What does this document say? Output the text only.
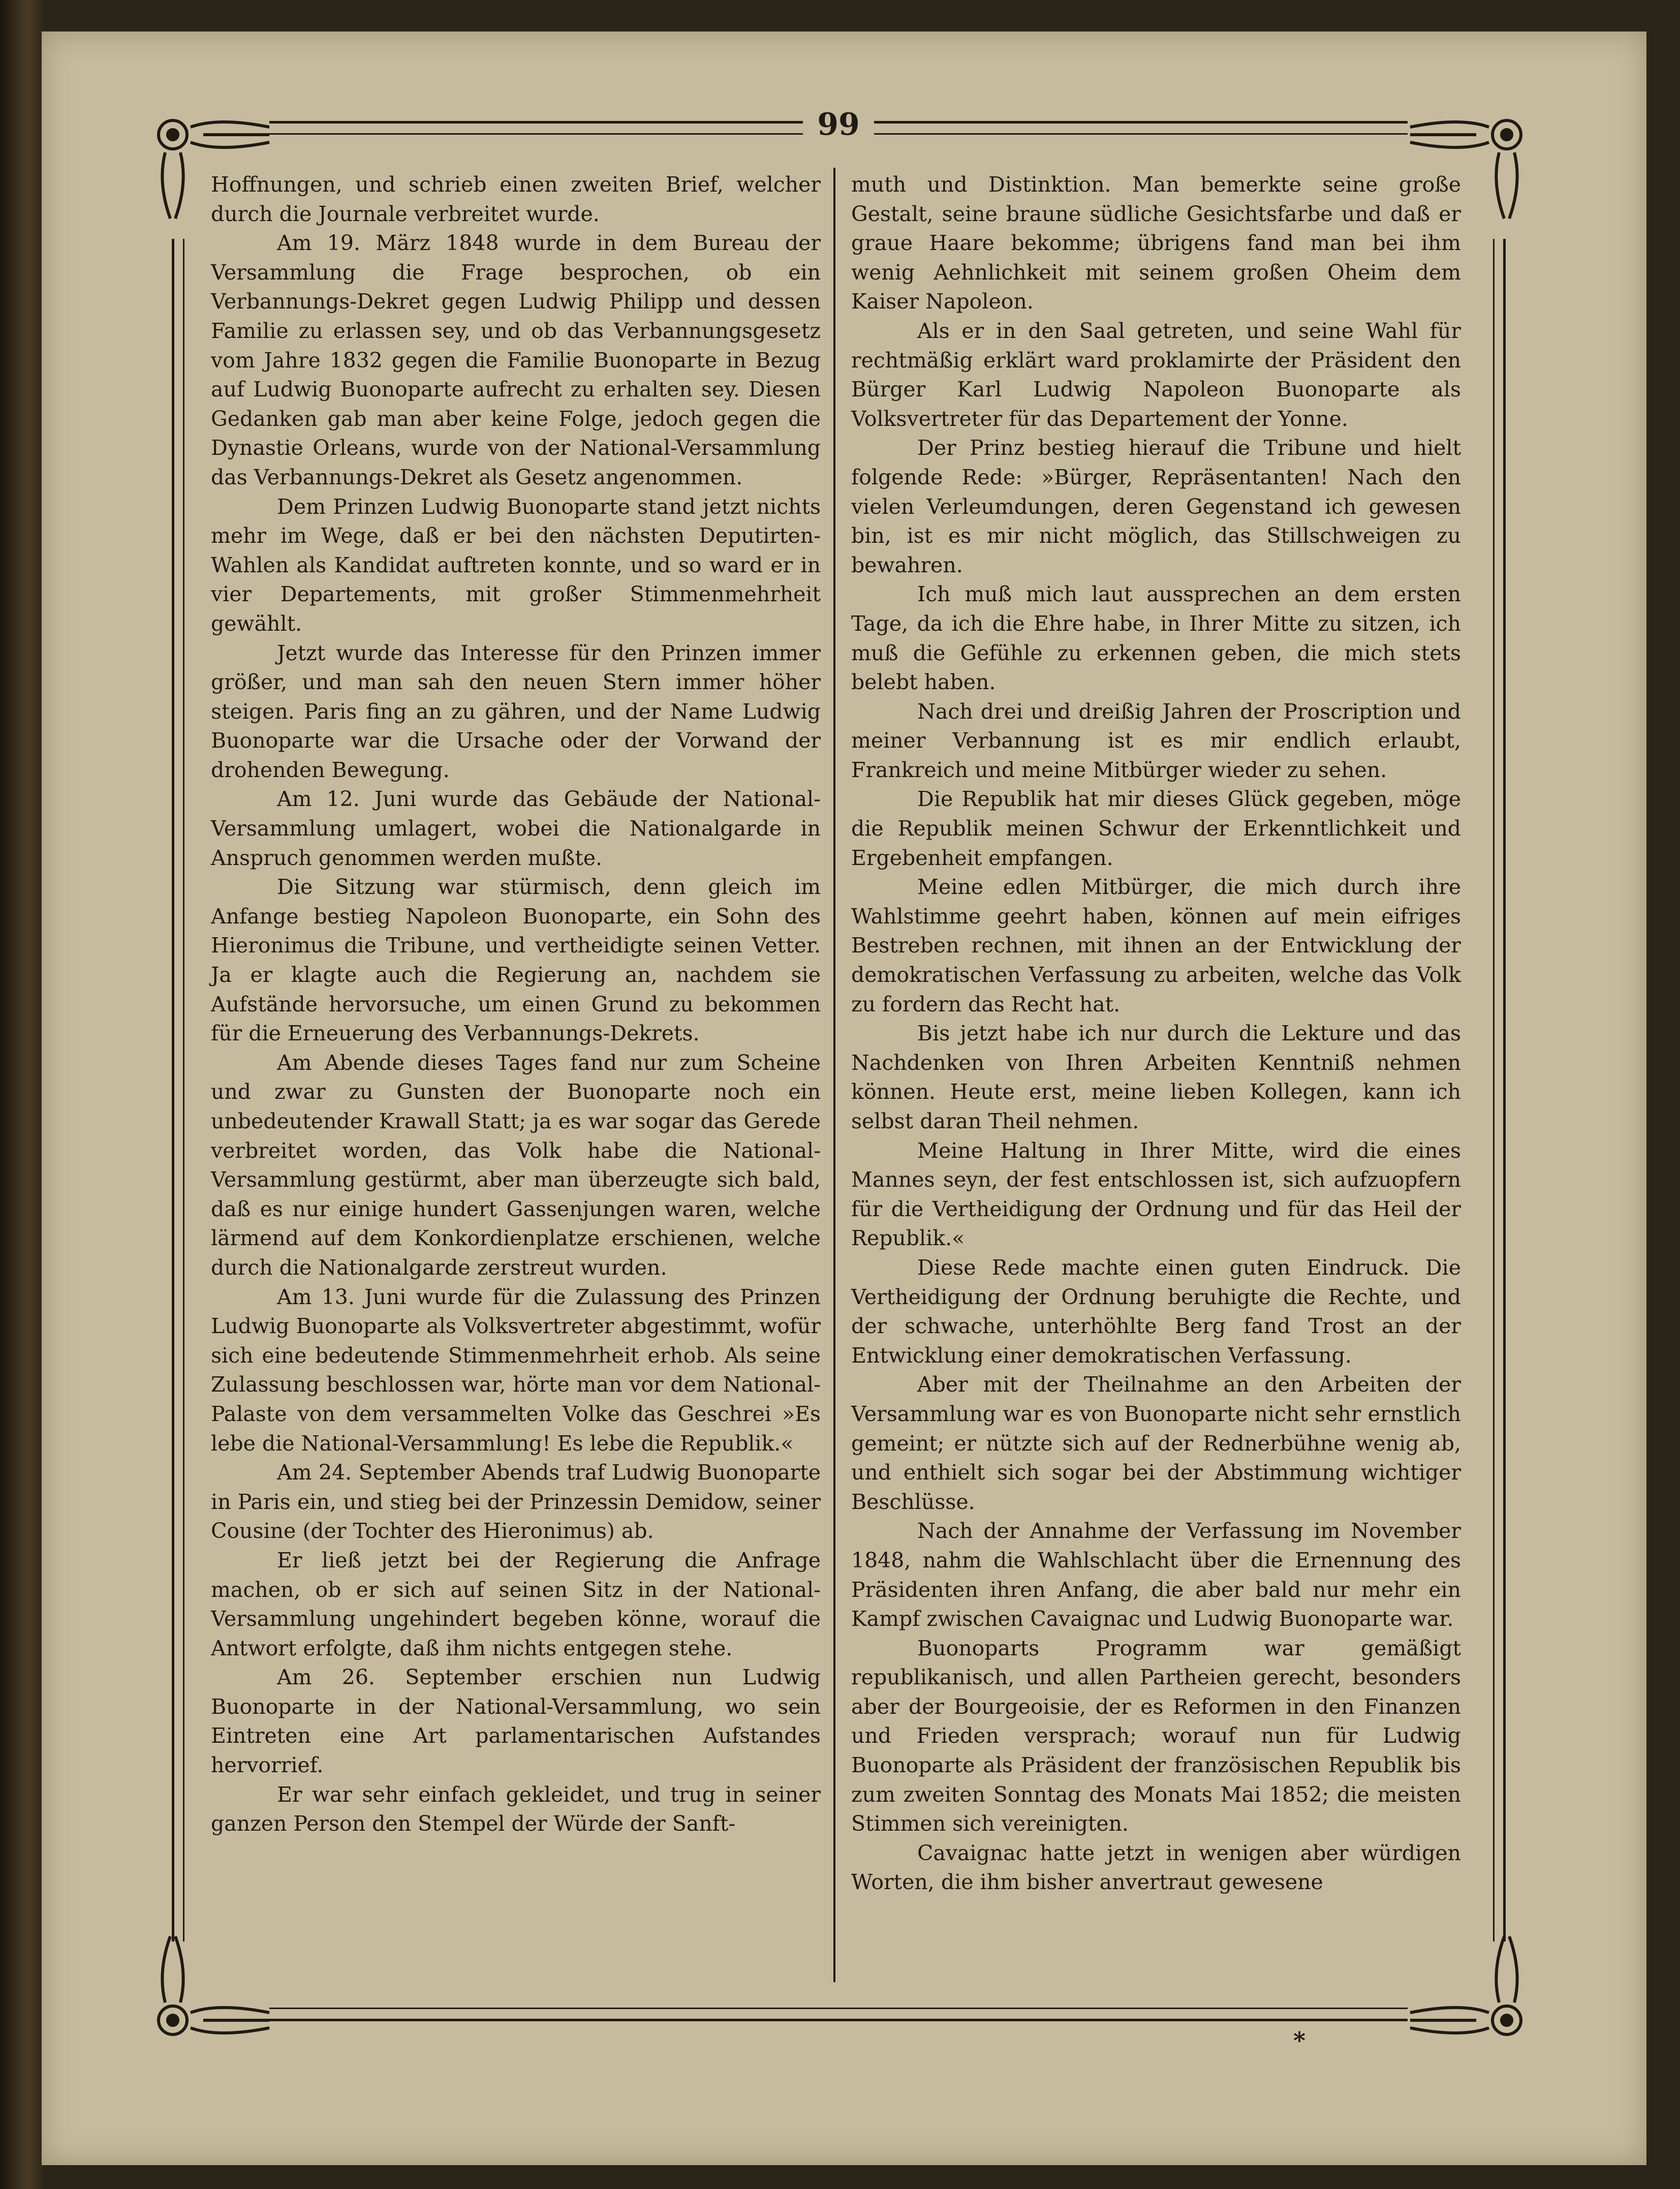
99

Hoffnungen, und schrieb einen zweiten Brief, welcher durch die Journale verbreitet wurde.

Am 19. März 1848 wurde in dem Bureau der Versammlung die Frage besprochen, ob ein Verbannungs-Dekret gegen Ludwig Philipp und dessen Familie zu erlassen sey, und ob das Verbannungsgesetz vom Jahre 1832 gegen die Familie Buonoparte in Bezug auf Ludwig Buonoparte aufrecht zu erhalten sey. Diesen Gedanken gab man aber keine Folge, jedoch gegen die Dynastie Orleans, wurde von der National-Versammlung das Verbannungs-Dekret als Gesetz angenommen.

Dem Prinzen Ludwig Buonoparte stand jetzt nichts mehr im Wege, daß er bei den nächsten Deputirten-Wahlen als Kandidat auftreten konnte, und so ward er in vier Departements, mit großer Stimmenmehrheit gewählt.

Jetzt wurde das Interesse für den Prinzen immer größer, und man sah den neuen Stern immer höher steigen. Paris fing an zu gähren, und der Name Ludwig Buonoparte war die Ursache oder der Vorwand der drohenden Bewegung.

Am 12. Juni wurde das Gebäude der National-Versammlung umlagert, wobei die Nationalgarde in Anspruch genommen werden mußte.

Die Sitzung war stürmisch, denn gleich im Anfange bestieg Napoleon Buonoparte, ein Sohn des Hieronimus die Tribune, und vertheidigte seinen Vetter. Ja er klagte auch die Regierung an, nachdem sie Aufstände hervorsuche, um einen Grund zu bekommen für die Erneuerung des Verbannungs-Dekrets.

Am Abende dieses Tages fand nur zum Scheine und zwar zu Gunsten der Buonoparte noch ein unbedeutender Krawall Statt; ja es war sogar das Gerede verbreitet worden, das Volk habe die National-Versammlung gestürmt, aber man überzeugte sich bald, daß es nur einige hundert Gassenjungen waren, welche lärmend auf dem Konkordienplatze erschienen, welche durch die Nationalgarde zerstreut wurden.

Am 13. Juni wurde für die Zulassung des Prinzen Ludwig Buonoparte als Volksvertreter abgestimmt, wofür sich eine bedeutende Stimmenmehrheit erhob. Als seine Zulassung beschlossen war, hörte man vor dem National-Palaste von dem versammelten Volke das Geschrei »Es lebe die National-Versammlung! Es lebe die Republik.«

Am 24. September Abends traf Ludwig Buonoparte in Paris ein, und stieg bei der Prinzessin Demidow, seiner Cousine (der Tochter des Hieronimus) ab.

Er ließ jetzt bei der Regierung die Anfrage machen, ob er sich auf seinen Sitz in der National-Versammlung ungehindert begeben könne, worauf die Antwort erfolgte, daß ihm nichts entgegen stehe.

Am 26. September erschien nun Ludwig Buonoparte in der National-Versammlung, wo sein Eintreten eine Art parlamentarischen Aufstandes hervorrief.

Er war sehr einfach gekleidet, und trug in seiner ganzen Person den Stempel der Würde der Sanft-

muth und Distinktion. Man bemerkte seine große Gestalt, seine braune südliche Gesichtsfarbe und daß er graue Haare bekomme; übrigens fand man bei ihm wenig Aehnlichkeit mit seinem großen Oheim dem Kaiser Napoleon.

Als er in den Saal getreten, und seine Wahl für rechtmäßig erklärt ward proklamirte der Präsident den Bürger Karl Ludwig Napoleon Buonoparte als Volksvertreter für das Departement der Yonne.

Der Prinz bestieg hierauf die Tribune und hielt folgende Rede: »Bürger, Repräsentanten! Nach den vielen Verleumdungen, deren Gegenstand ich gewesen bin, ist es mir nicht möglich, das Stillschweigen zu bewahren.

Ich muß mich laut aussprechen an dem ersten Tage, da ich die Ehre habe, in Ihrer Mitte zu sitzen, ich muß die Gefühle zu erkennen geben, die mich stets belebt haben.

Nach drei und dreißig Jahren der Proscription und meiner Verbannung ist es mir endlich erlaubt, Frankreich und meine Mitbürger wieder zu sehen.

Die Republik hat mir dieses Glück gegeben, möge die Republik meinen Schwur der Erkenntlichkeit und Ergebenheit empfangen.

Meine edlen Mitbürger, die mich durch ihre Wahlstimme geehrt haben, können auf mein eifriges Bestreben rechnen, mit ihnen an der Entwicklung der demokratischen Verfassung zu arbeiten, welche das Volk zu fordern das Recht hat.

Bis jetzt habe ich nur durch die Lekture und das Nachdenken von Ihren Arbeiten Kenntniß nehmen können. Heute erst, meine lieben Kollegen, kann ich selbst daran Theil nehmen.

Meine Haltung in Ihrer Mitte, wird die eines Mannes seyn, der fest entschlossen ist, sich aufzuopfern für die Vertheidigung der Ordnung und für das Heil der Republik.«

Diese Rede machte einen guten Eindruck. Die Vertheidigung der Ordnung beruhigte die Rechte, und der schwache, unterhöhlte Berg fand Trost an der Entwicklung einer demokratischen Verfassung.

Aber mit der Theilnahme an den Arbeiten der Versammlung war es von Buonoparte nicht sehr ernstlich gemeint; er nützte sich auf der Rednerbühne wenig ab, und enthielt sich sogar bei der Abstimmung wichtiger Beschlüsse.

Nach der Annahme der Verfassung im November 1848, nahm die Wahlschlacht über die Ernennung des Präsidenten ihren Anfang, die aber bald nur mehr ein Kampf zwischen Cavaignac und Ludwig Buonoparte war.

Buonoparts Programm war gemäßigt republikanisch, und allen Partheien gerecht, besonders aber der Bourgeoisie, der es Reformen in den Finanzen und Frieden versprach; worauf nun für Ludwig Buonoparte als Präsident der französischen Republik bis zum zweiten Sonntag des Monats Mai 1852; die meisten Stimmen sich vereinigten.

Cavaignac hatte jetzt in wenigen aber würdigen Worten, die ihm bisher anvertraut gewesene

*
